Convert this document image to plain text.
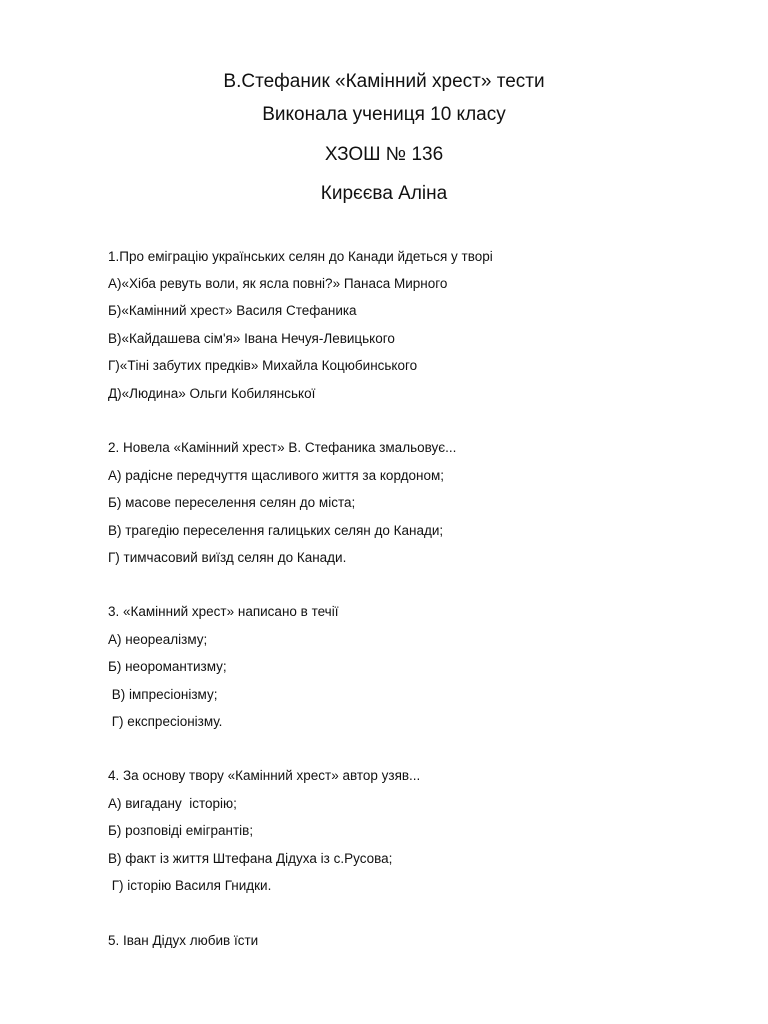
В.Стефаник «Камінний хрест» тести
Виконала учениця 10 класу
ХЗОШ № 136
Кирєєва Аліна
1.Про еміграцію українських селян до Канади йдеться у творі
А)«Хіба ревуть воли, як ясла повні?» Панаса Мирного
Б)«Камінний хрест» Василя Стефаника
В)«Кайдашева сім'я» Івана Нечуя-Левицького
Г)«Тіні забутих предків» Михайла Коцюбинського
Д)«Людина» Ольги Кобилянської
2. Новела «Камінний хрест» В. Стефаника змальовує...
А) радісне передчуття щасливого життя за кордоном;
Б) масове переселення селян до міста;
В) трагедію переселення галицьких селян до Канади;
Г) тимчасовий виїзд селян до Канади.
3. «Камінний хрест» написано в течії
А) неореалізму;
Б) неоромантизму;
В) імпресіонізму;
Г) експресіонізму.
4. За основу твору «Камінний хрест» автор узяв...
А) вигадану  історію;
Б) розповіді емігрантів;
В) факт із життя Штефана Дідуха із с.Русова;
Г) історію Василя Гнидки.
5. Іван Дідух любив їсти
